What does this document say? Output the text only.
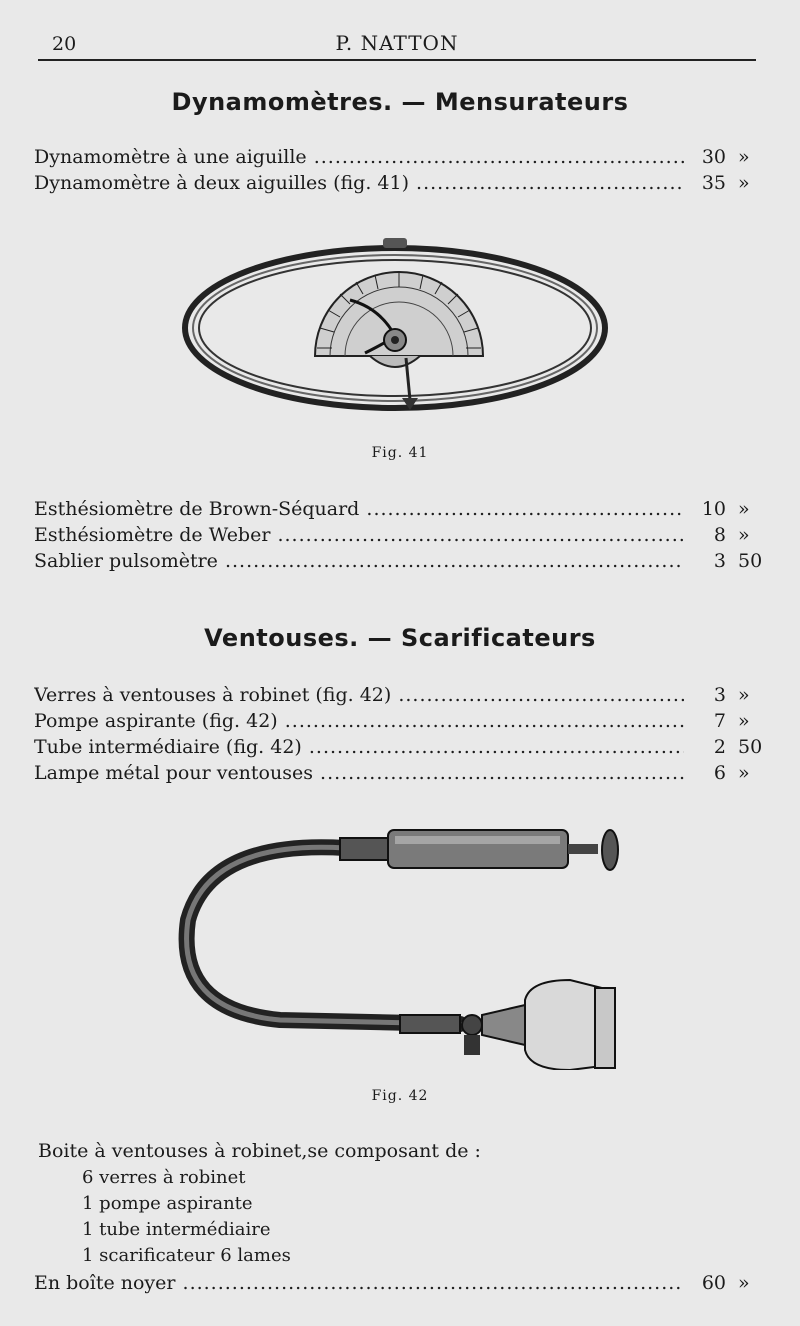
20	P. NATTON
Dynamomètres. — Mensurateurs
Dynamomètre à une aiguille .....	30 »
Dynamomètre à deux aiguilles (fig. 41) .....	35 »
Fig. 41
Esthésiomètre de Brown-Séquard .....	10 »
Esthésiomètre de Weber .....	8 »
Sablier pulsomètre .....	3 50
Ventouses. — Scarificateurs
Verres à ventouses à robinet (fig. 42) .....	3 »
Pompe aspirante (fig. 42) .....	7 »
Tube intermédiaire (fig. 42) .....	2 50
Lampe métal pour ventouses .....	6 »
Fig. 42
Boite à ventouses à robinet,se composant de :
6 verres à robinet
1 pompe aspirante
1 tube intermédiaire
1 scarificateur 6 lames
En boîte noyer .....	60 »
